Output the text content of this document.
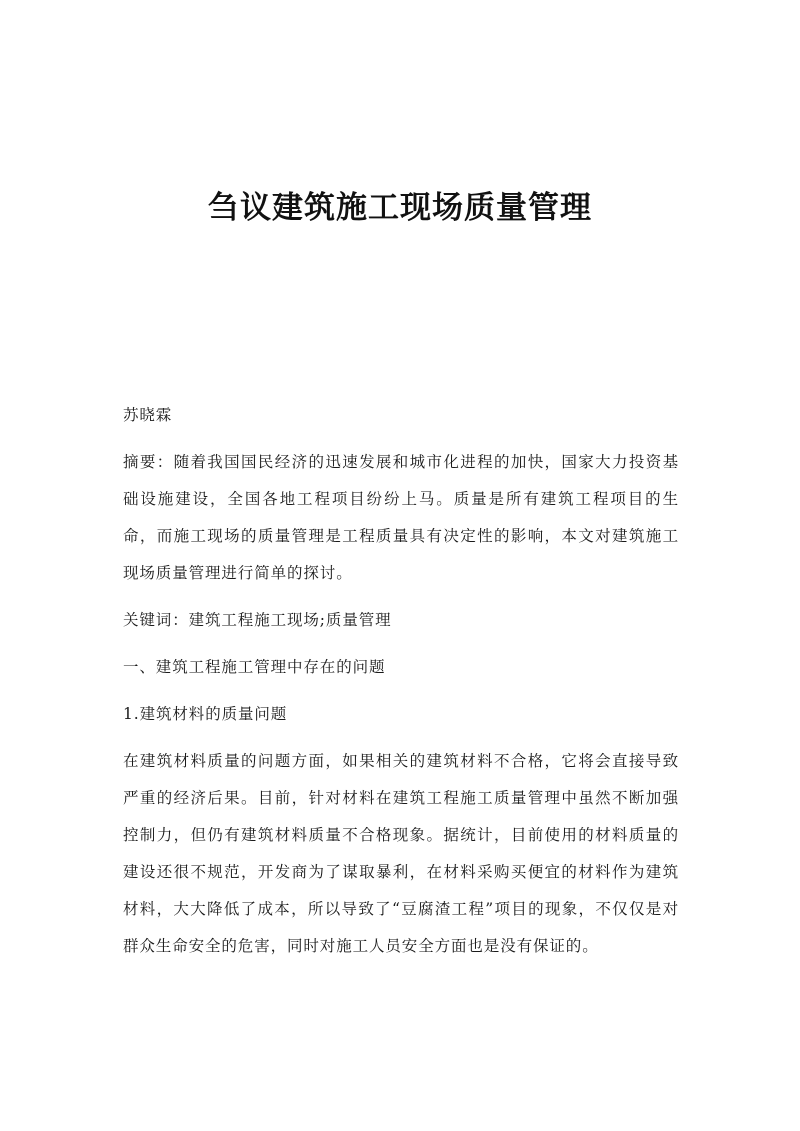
刍议建筑施工现场质量管理

苏晓霖

摘要：随着我国国民经济的迅速发展和城市化进程的加快，国家大力投资基础设施建设，全国各地工程项目纷纷上马。质量是所有建筑工程项目的生命，而施工现场的质量管理是工程质量具有决定性的影响，本文对建筑施工现场质量管理进行简单的探讨。

关键词：建筑工程施工现场;质量管理

一、建筑工程施工管理中存在的问题

1.建筑材料的质量问题

在建筑材料质量的问题方面，如果相关的建筑材料不合格，它将会直接导致严重的经济后果。目前，针对材料在建筑工程施工质量管理中虽然不断加强控制力，但仍有建筑材料质量不合格现象。据统计，目前使用的材料质量的建设还很不规范，开发商为了谋取暴利，在材料采购买便宜的材料作为建筑材料，大大降低了成本，所以导致了“豆腐渣工程”项目的现象，不仅仅是对群众生命安全的危害，同时对施工人员安全方面也是没有保证的。
